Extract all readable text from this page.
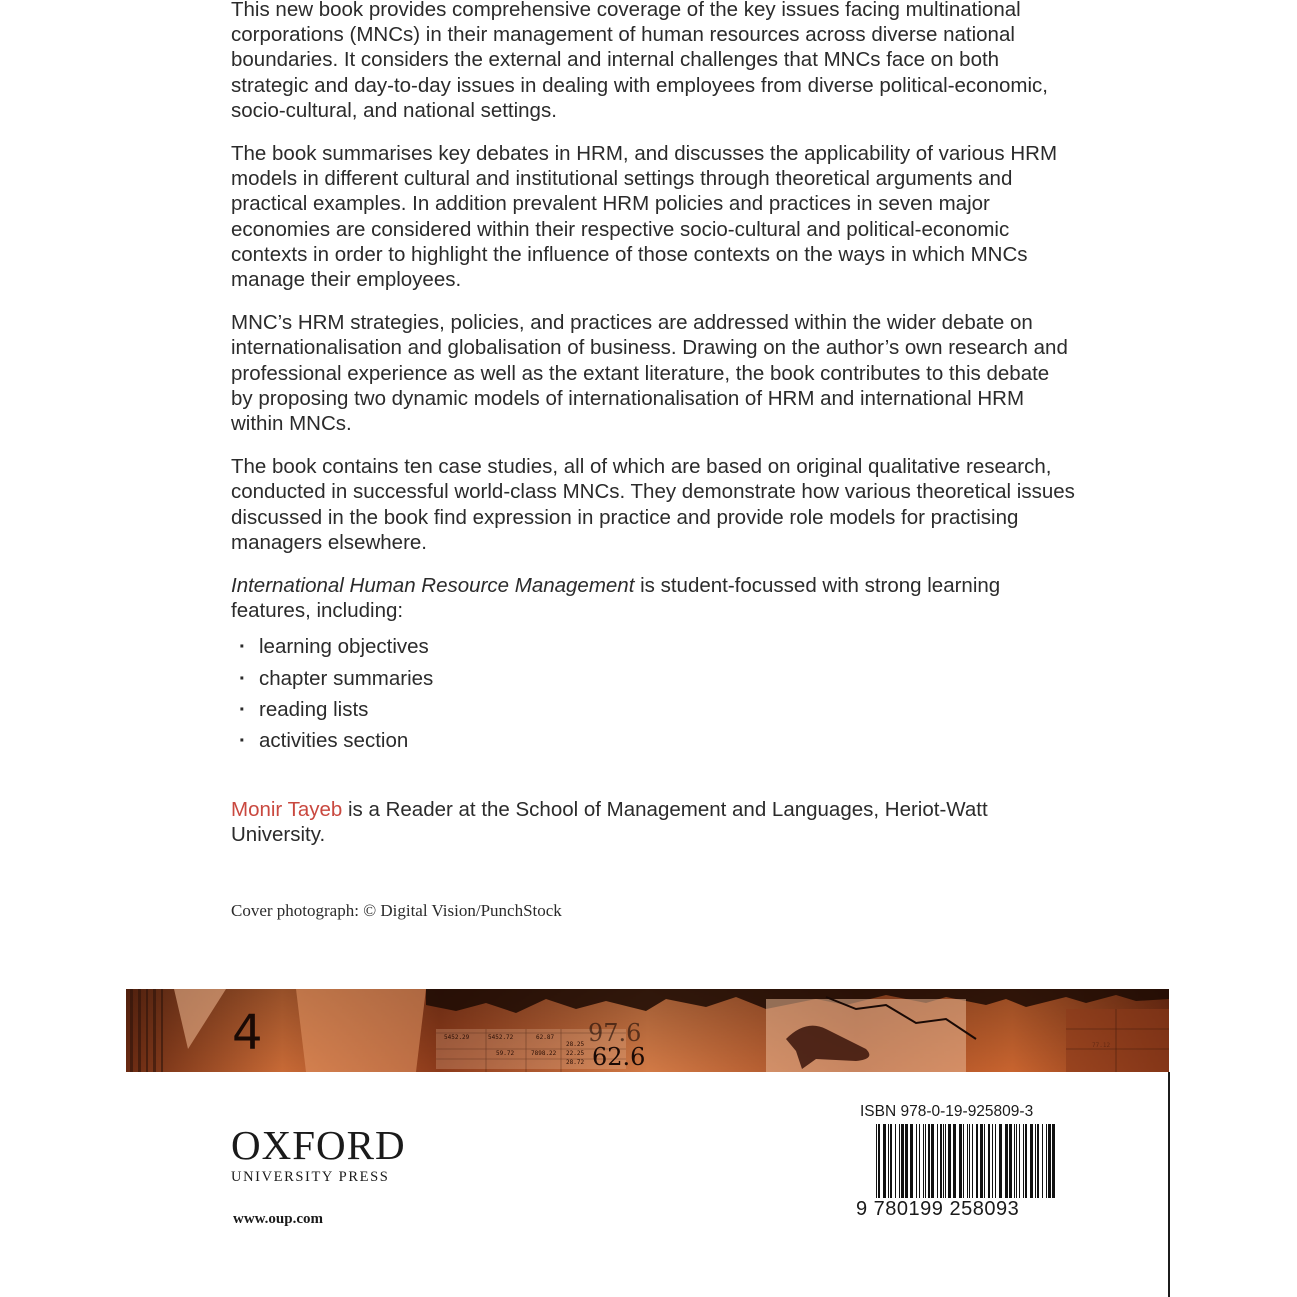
This new book provides comprehensive coverage of the key issues facing multinational corporations (MNCs) in their management of human resources across diverse national boundaries. It considers the external and internal challenges that MNCs face on both strategic and day-to-day issues in dealing with employees from diverse political-economic, socio-cultural, and national settings.

The book summarises key debates in HRM, and discusses the applicability of various HRM models in different cultural and institutional settings through theoretical arguments and practical examples. In addition prevalent HRM policies and practices in seven major economies are considered within their respective socio-cultural and political-economic contexts in order to highlight the influence of those contexts on the ways in which MNCs manage their employees.

MNC’s HRM strategies, policies, and practices are addressed within the wider debate on internationalisation and globalisation of business. Drawing on the author’s own research and professional experience as well as the extant literature, the book contributes to this debate by proposing two dynamic models of internationalisation of HRM and international HRM within MNCs.

The book contains ten case studies, all of which are based on original qualitative research, conducted in successful world-class MNCs. They demonstrate how various theoretical issues discussed in the book find expression in practice and provide role models for practising managers elsewhere.

International Human Resource Management is student-focussed with strong learning features, including:

· learning objectives
· chapter summaries
· reading lists
· activities section
Monir Tayeb is a Reader at the School of Management and Languages, Heriot-Watt University.
Cover photograph: © Digital Vision/PunchStock
4	5452.29	5452.72	62.87
28.25
59.72	7898.22 22.25
28.72
97.6
62.6
OXFORD
UNIVERSITY PRESS
www.oup.com
ISBN 978-0-19-925809-3
9 780199 258093
